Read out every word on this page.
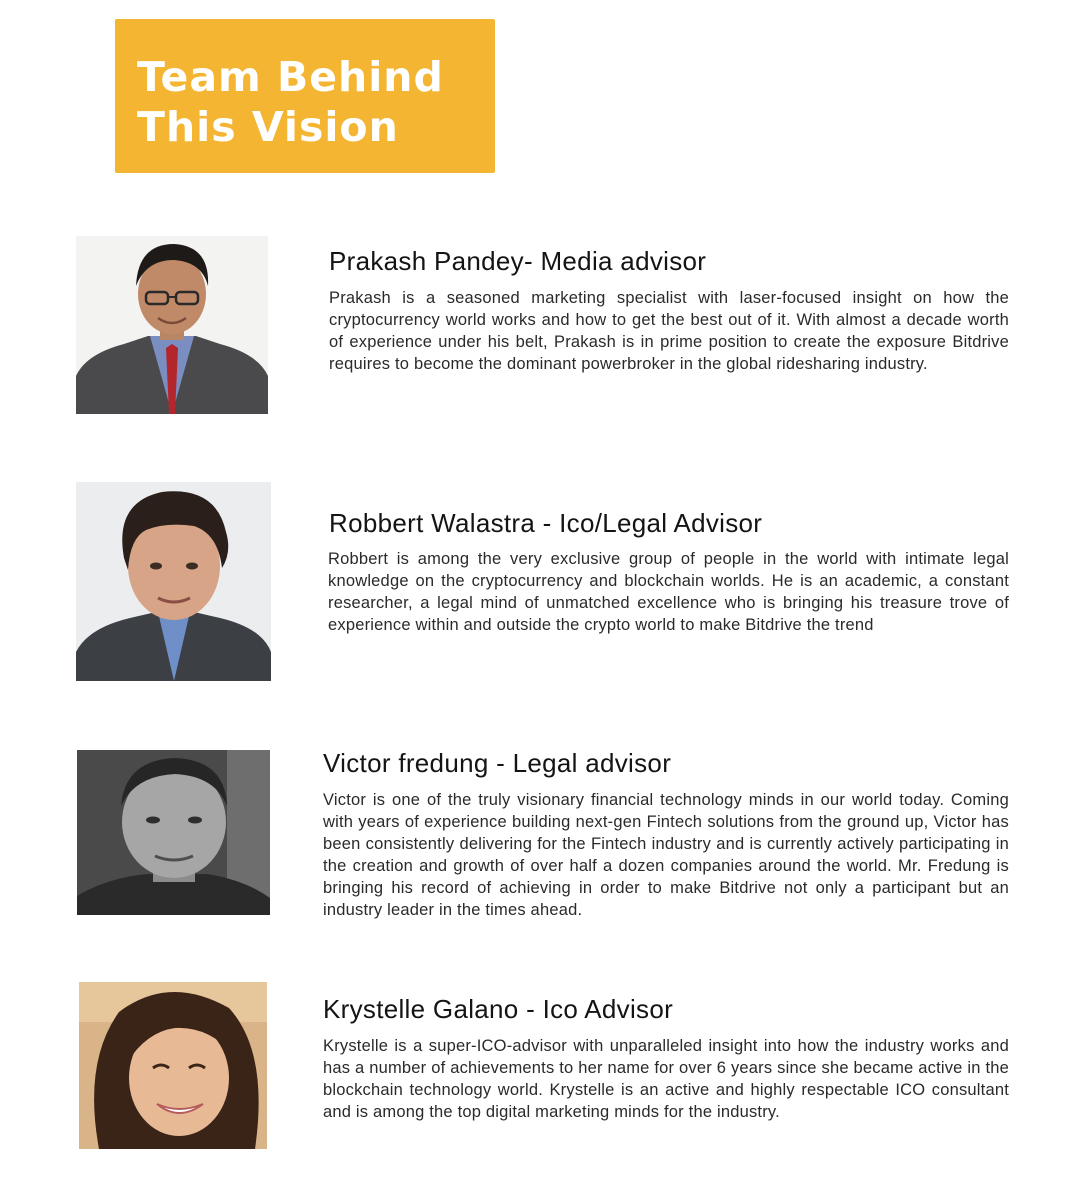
Team Behind
This Vision
Prakash Pandey- Media advisor

Prakash is a seasoned marketing specialist with laser-focused insight on how the cryptocurrency world works and how to get the best out of it. With almost a decade worth of experience under his belt, Prakash is in prime position to create the exposure Bitdrive requires to become the dominant powerbroker in the global ridesharing industry.

Robbert Walastra - Ico/Legal Advisor

Robbert is among the very exclusive group of people in the world with intimate legal knowledge on the cryptocurrency and blockchain worlds. He is an academic, a constant researcher, a legal mind of unmatched excellence who is bringing his treasure trove of experience within and outside the crypto world to make Bitdrive the trend

Victor fredung - Legal advisor

Victor is one of the truly visionary financial technology minds in our world today. Coming with years of experience building next-gen Fintech solutions from the ground up, Victor has been consistently delivering for the Fintech industry and is currently actively participating in the creation and growth of over half a dozen companies around the world. Mr. Fredung is bringing his record of achieving in order to make Bitdrive not only a participant but an industry leader in the times ahead.

Krystelle Galano - Ico Advisor

Krystelle is a super-ICO-advisor with unparalleled insight into how the industry works and has a number of achievements to her name for over 6 years since she became active in the blockchain technology world. Krystelle is an active and highly respectable ICO consultant and is among the top digital marketing minds for the industry.
